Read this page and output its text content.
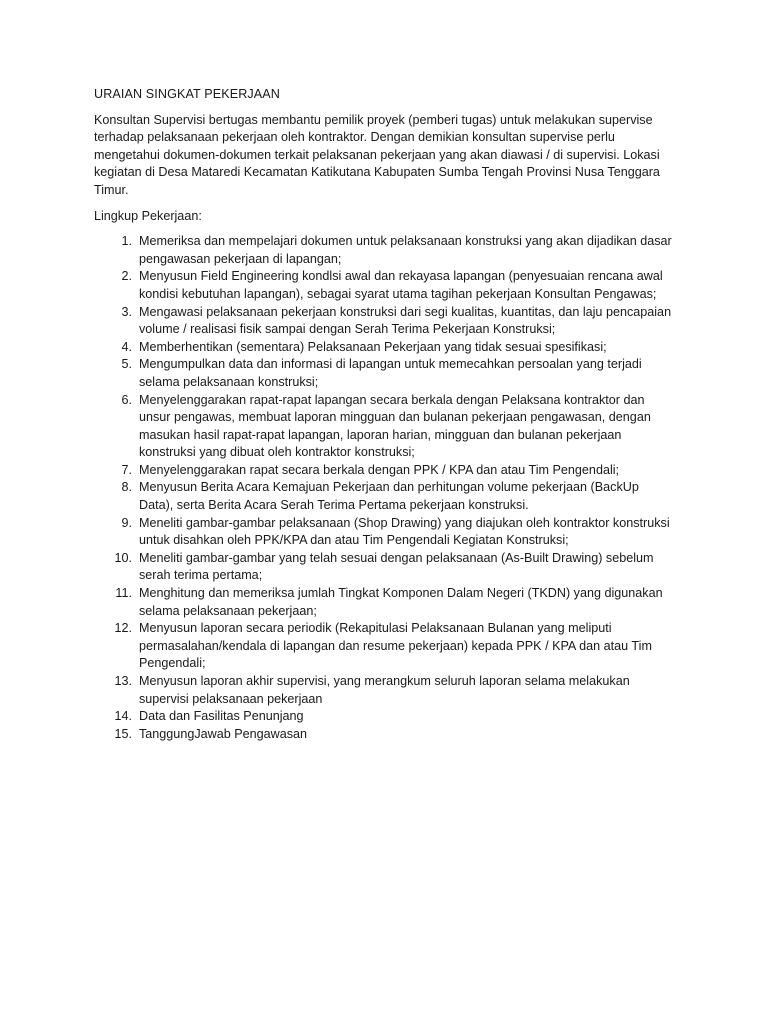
URAIAN SINGKAT PEKERJAAN

Konsultan Supervisi bertugas membantu pemilik proyek (pemberi tugas) untuk melakukan supervise terhadap pelaksanaan pekerjaan oleh kontraktor. Dengan demikian konsultan supervise perlu mengetahui dokumen-dokumen terkait pelaksanan pekerjaan yang akan diawasi / di supervisi. Lokasi kegiatan di Desa Mataredi Kecamatan Katikutana Kabupaten Sumba Tengah Provinsi Nusa Tenggara Timur.

Lingkup Pekerjaan:

1. Memeriksa dan mempelajari dokumen untuk pelaksanaan konstruksi yang akan dijadikan dasar pengawasan pekerjaan di lapangan;
2. Menyusun Field Engineering kondlsi awal dan rekayasa lapangan (penyesuaian rencana awal kondisi kebutuhan lapangan), sebagai syarat utama tagihan pekerjaan Konsultan Pengawas;
3. Mengawasi pelaksanaan pekerjaan konstruksi dari segi kualitas, kuantitas, dan laju pencapaian volume / realisasi fisik sampai dengan Serah Terima Pekerjaan Konstruksi;
4. Memberhentikan (sementara) Pelaksanaan Pekerjaan yang tidak sesuai spesifikasi;
5. Mengumpulkan data dan informasi di lapangan untuk memecahkan persoalan yang terjadi selama pelaksanaan konstruksi;
6. Menyelenggarakan rapat-rapat lapangan secara berkala dengan Pelaksana kontraktor dan unsur pengawas, membuat laporan mingguan dan bulanan pekerjaan pengawasan, dengan masukan hasil rapat-rapat lapangan, laporan harian, mingguan dan bulanan pekerjaan konstruksi yang dibuat oleh kontraktor konstruksi;
7. Menyelenggarakan rapat secara berkala dengan PPK / KPA dan atau Tim Pengendali;
8. Menyusun Berita Acara Kemajuan Pekerjaan dan perhitungan volume pekerjaan (BackUp Data), serta Berita Acara Serah Terima Pertama pekerjaan konstruksi.
9. Meneliti gambar-gambar pelaksanaan (Shop Drawing) yang diajukan oleh kontraktor konstruksi untuk disahkan oleh PPK/KPA dan atau Tim Pengendali Kegiatan Konstruksi;
10. Meneliti gambar-gambar yang telah sesuai dengan pelaksanaan (As-Built Drawing) sebelum serah terima pertama;
11. Menghitung dan memeriksa jumlah Tingkat Komponen Dalam Negeri (TKDN) yang digunakan selama pelaksanaan pekerjaan;
12. Menyusun laporan secara periodik (Rekapitulasi Pelaksanaan Bulanan yang meliputi permasalahan/kendala di lapangan dan resume pekerjaan) kepada PPK / KPA dan atau Tim Pengendali;
13. Menyusun laporan akhir supervisi, yang merangkum seluruh laporan selama melakukan supervisi pelaksanaan pekerjaan
14. Data dan Fasilitas Penunjang
15. TanggungJawab Pengawasan
